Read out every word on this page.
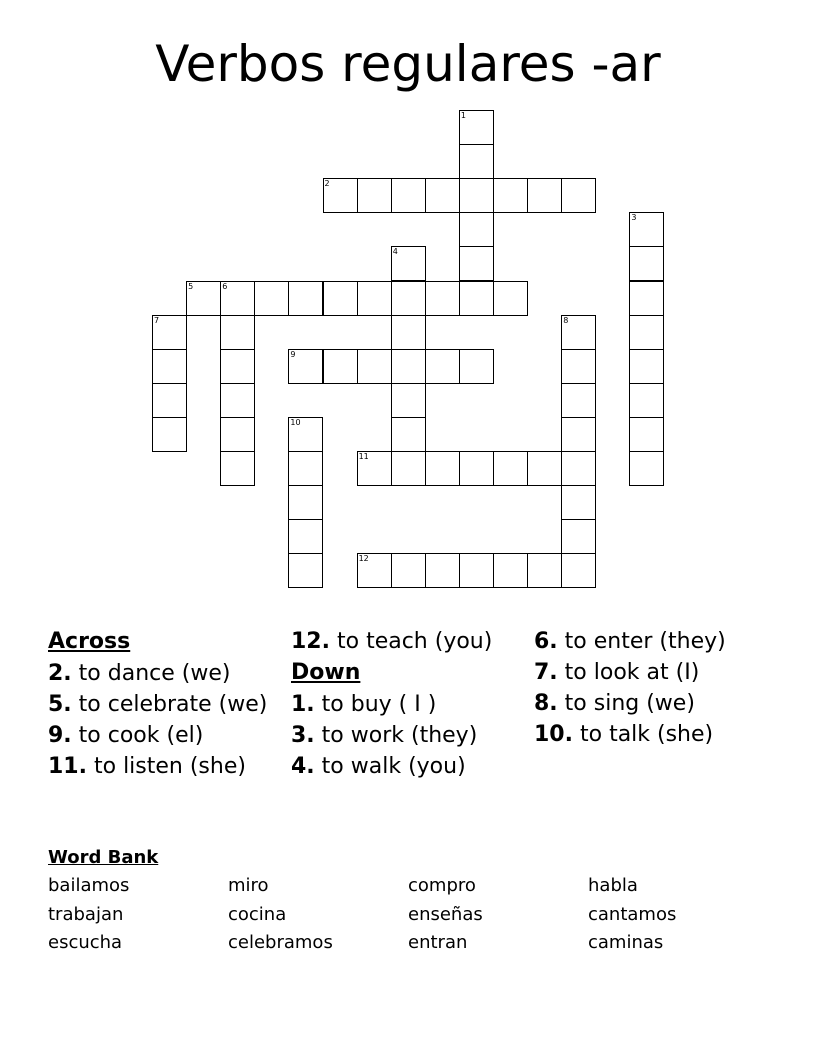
Verbos regulares -ar
1
2
3
4
5	6
7	8
9
10
11
12
Across
2. to dance (we)
5. to celebrate (we)
9. to cook (el)
11. to listen (she)
12. to teach (you)
Down
1. to buy ( I )
3. to work (they)
4. to walk (you)
6. to enter (they)
7. to look at (I)
8. to sing (we)
10. to talk (she)
Word Bank
bailamos	miro	compro	habla
trabajan	cocina	enseñas	cantamos
escucha	celebramos	entran	caminas
